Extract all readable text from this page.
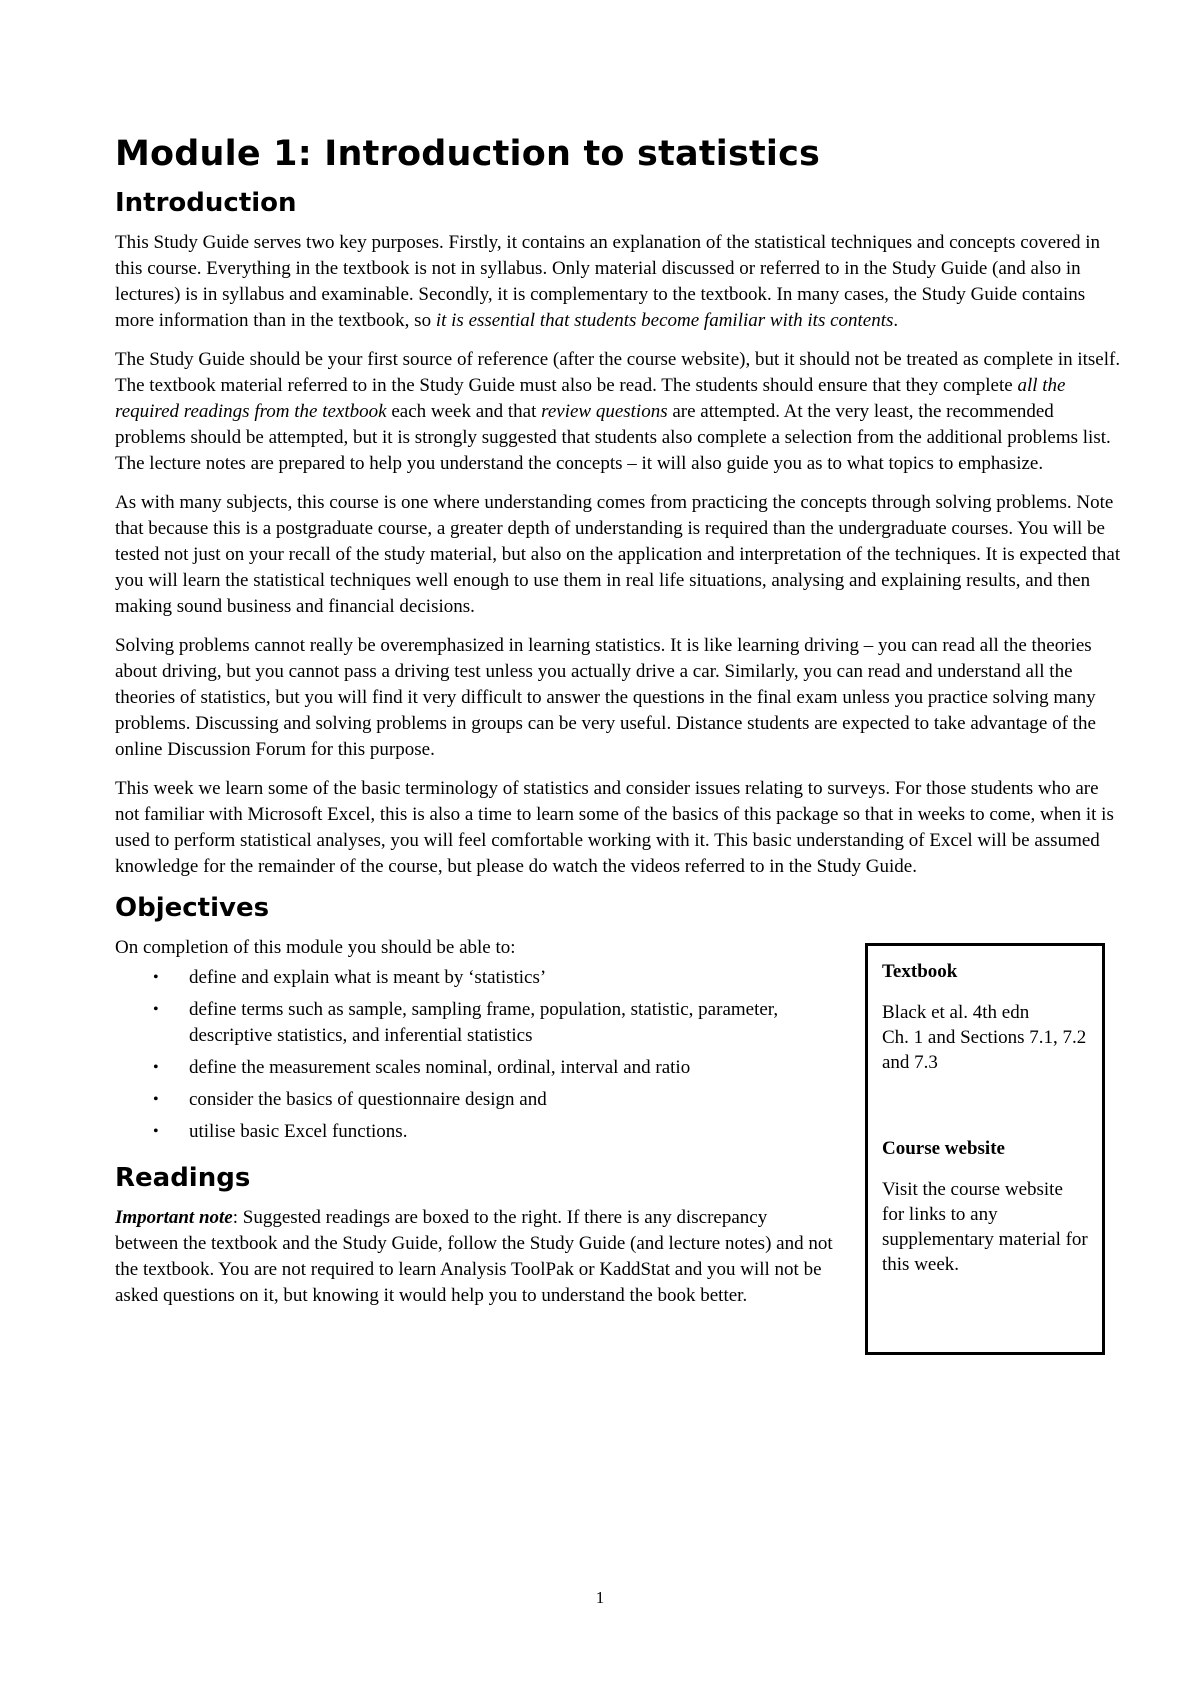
Module 1: Introduction to statistics
Introduction

This Study Guide serves two key purposes. Firstly, it contains an explanation of the statistical techniques and concepts covered in this course. Everything in the textbook is not in syllabus. Only material discussed or referred to in the Study Guide (and also in lectures) is in syllabus and examinable. Secondly, it is complementary to the textbook. In many cases, the Study Guide contains more information than in the textbook, so it is essential that students become familiar with its contents.

The Study Guide should be your first source of reference (after the course website), but it should not be treated as complete in itself. The textbook material referred to in the Study Guide must also be read. The students should ensure that they complete all the required readings from the textbook each week and that review questions are attempted. At the very least, the recommended problems should be attempted, but it is strongly suggested that students also complete a selection from the additional problems list. The lecture notes are prepared to help you understand the concepts – it will also guide you as to what topics to emphasize.

As with many subjects, this course is one where understanding comes from practicing the concepts through solving problems. Note that because this is a postgraduate course, a greater depth of understanding is required than the undergraduate courses. You will be tested not just on your recall of the study material, but also on the application and interpretation of the techniques. It is expected that you will learn the statistical techniques well enough to use them in real life situations, analysing and explaining results, and then making sound business and financial decisions.

Solving problems cannot really be overemphasized in learning statistics. It is like learning driving – you can read all the theories about driving, but you cannot pass a driving test unless you actually drive a car. Similarly, you can read and understand all the theories of statistics, but you will find it very difficult to answer the questions in the final exam unless you practice solving many problems. Discussing and solving problems in groups can be very useful. Distance students are expected to take advantage of the online Discussion Forum for this purpose.

This week we learn some of the basic terminology of statistics and consider issues relating to surveys. For those students who are not familiar with Microsoft Excel, this is also a time to learn some of the basics of this package so that in weeks to come, when it is used to perform statistical analyses, you will feel comfortable working with it. This basic understanding of Excel will be assumed knowledge for the remainder of the course, but please do watch the videos referred to in the Study Guide.

Objectives

On completion of this module you should be able to:

• define and explain what is meant by ‘statistics’
• define terms such as sample, sampling frame, population, statistic, parameter, descriptive statistics, and inferential statistics
• define the measurement scales nominal, ordinal, interval and ratio
• consider the basics of questionnaire design and
• utilise basic Excel functions.
Readings

Important note: Suggested readings are boxed to the right. If there is any discrepancy between the textbook and the Study Guide, follow the Study Guide (and lecture notes) and not the textbook. You are not required to learn Analysis ToolPak or KaddStat and you will not be asked questions on it, but knowing it would help you to understand the book better.

Textbook

Black et al. 4th edn

Ch. 1 and Sections 7.1, 7.2 and 7.3

Course website

Visit the course website for links to any supplementary material for this week.

1
